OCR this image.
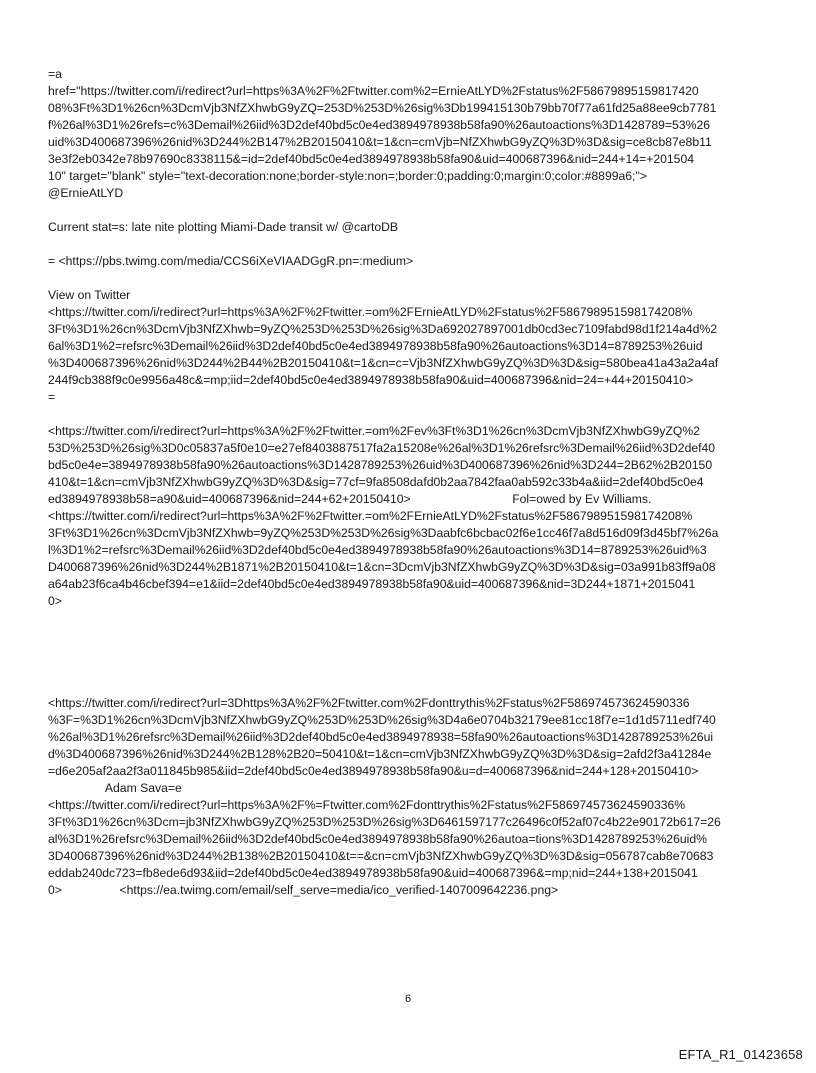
=a
href="https://twitter.com/i/redirect?url=https%3A%2F%2Ftwitter.com%2=ErnieAtLYD%2Fstatus%2F58679895159817420
08%3Ft%3D1%26cn%3DcmVjb3NfZXhwbG9yZQ=253D%253D%26sig%3Db199415130b79bb70f77a61fd25a88ee9cb7781
f%26al%3D1%26refs=c%3Demail%26iid%3D2def40bd5c0e4ed3894978938b58fa90%26autoactions%3D1428789=53%26
uid%3D400687396%26nid%3D244%2B147%2B20150410&t=1&cn=cmVjb=NfZXhwbG9yZQ%3D%3D&sig=ce8cb87e8b11
3e3f2eb0342e78b97690c8338115&=id=2def40bd5c0e4ed3894978938b58fa90&uid=400687396&nid=244+14=+201504
10" target="blank" style="text-decoration:none;border-style:non=;border:0;padding:0;margin:0;color:#8899a6;">
@ErnieAtLYD
Current stat=s: late nite plotting Miami-Dade transit w/ @cartoDB
= <https://pbs.twimg.com/media/CCS6iXeVIAADGgR.pn=:medium>
View on Twitter
<https://twitter.com/i/redirect?url=https%3A%2F%2Ftwitter.=om%2FErnieAtLYD%2Fstatus%2F586798951598174208%
3Ft%3D1%26cn%3DcmVjb3NfZXhwb=9yZQ%253D%253D%26sig%3Da692027897001db0cd3ec7109fabd98d1f214a4d%2
6al%3D1%2=refsrc%3Demail%26iid%3D2def40bd5c0e4ed3894978938b58fa90%26autoactions%3D14=8789253%26uid
%3D400687396%26nid%3D244%2B44%2B20150410&t=1&cn=c=Vjb3NfZXhwbG9yZQ%3D%3D&sig=580bea41a43a2a4af
244f9cb388f9c0e9956a48c&=mp;iid=2def40bd5c0e4ed3894978938b58fa90&uid=400687396&nid=24=+44+20150410>
=
<https://twitter.com/i/redirect?url=https%3A%2F%2Ftwitter.=om%2Fev%3Ft%3D1%26cn%3DcmVjb3NfZXhwbG9yZQ%2
53D%253D%26sig%3D0c05837a5f0e10=e27ef8403887517fa2a15208e%26al%3D1%26refsrc%3Demail%26iid%3D2def40
bd5c0e4e=3894978938b58fa90%26autoactions%3D1428789253%26uid%3D400687396%26nid%3D244=2B62%2B20150
410&t=1&cn=cmVjb3NfZXhwbG9yZQ%3D%3D&sig=77cf=9fa8508dafd0b2aa7842faa0ab592c33b4a&iid=2def40bd5c0e4
ed3894978938b58=a90&uid=400687396&nid=244+62+20150410>                              Fol=owed by Ev Williams.
<https://twitter.com/i/redirect?url=https%3A%2F%2Ftwitter.=om%2FErnieAtLYD%2Fstatus%2F586798951598174208%
3Ft%3D1%26cn%3DcmVjb3NfZXhwb=9yZQ%253D%253D%26sig%3Daabfc6bcbac02f6e1cc46f7a8d516d09f3d45bf7%26a
l%3D1%2=refsrc%3Demail%26iid%3D2def40bd5c0e4ed3894978938b58fa90%26autoactions%3D14=8789253%26uid%3
D400687396%26nid%3D244%2B1871%2B20150410&t=1&cn=3DcmVjb3NfZXhwbG9yZQ%3D%3D&sig=03a991b83ff9a08
a64ab23f6ca4b46cbef394=e1&iid=2def40bd5c0e4ed3894978938b58fa90&uid=400687396&nid=3D244+1871+2015041
0>
<https://twitter.com/i/redirect?url=3Dhttps%3A%2F%2Ftwitter.com%2Fdonttrythis%2Fstatus%2F586974573624590336
%3F=%3D1%26cn%3DcmVjb3NfZXhwbG9yZQ%253D%253D%26sig%3D4a6e0704b32179ee81cc18f7e=1d1d5711edf740
%26al%3D1%26refsrc%3Demail%26iid%3D2def40bd5c0e4ed3894978938=58fa90%26autoactions%3D1428789253%26ui
d%3D400687396%26nid%3D244%2B128%2B20=50410&t=1&cn=cmVjb3NfZXhwbG9yZQ%3D%3D&sig=2afd2f3a41284e
=d6e205af2aa2f3a011845b985&iid=2def40bd5c0e4ed3894978938b58fa90&u=d=400687396&nid=244+128+20150410>
Adam Sava=e
<https://twitter.com/i/redirect?url=https%3A%2F%=Ftwitter.com%2Fdonttrythis%2Fstatus%2F586974573624590336%
3Ft%3D1%26cn%3Dcm=jb3NfZXhwbG9yZQ%253D%253D%26sig%3D6461597177c26496c0f52af07c4b22e90172b617=26
al%3D1%26refsrc%3Demail%26iid%3D2def40bd5c0e4ed3894978938b58fa90%26autoa=tions%3D1428789253%26uid%
3D400687396%26nid%3D244%2B138%2B20150410&t==&cn=cmVjb3NfZXhwbG9yZQ%3D%3D&sig=056787cab8e70683
eddab240dc723=fb8ede6d93&iid=2def40bd5c0e4ed3894978938b58fa90&uid=400687396&=mp;nid=244+138+2015041
0>                 <https://ea.twimg.com/email/self_serve=media/ico_verified-1407009642236.png>
6
EFTA_R1_01423658
